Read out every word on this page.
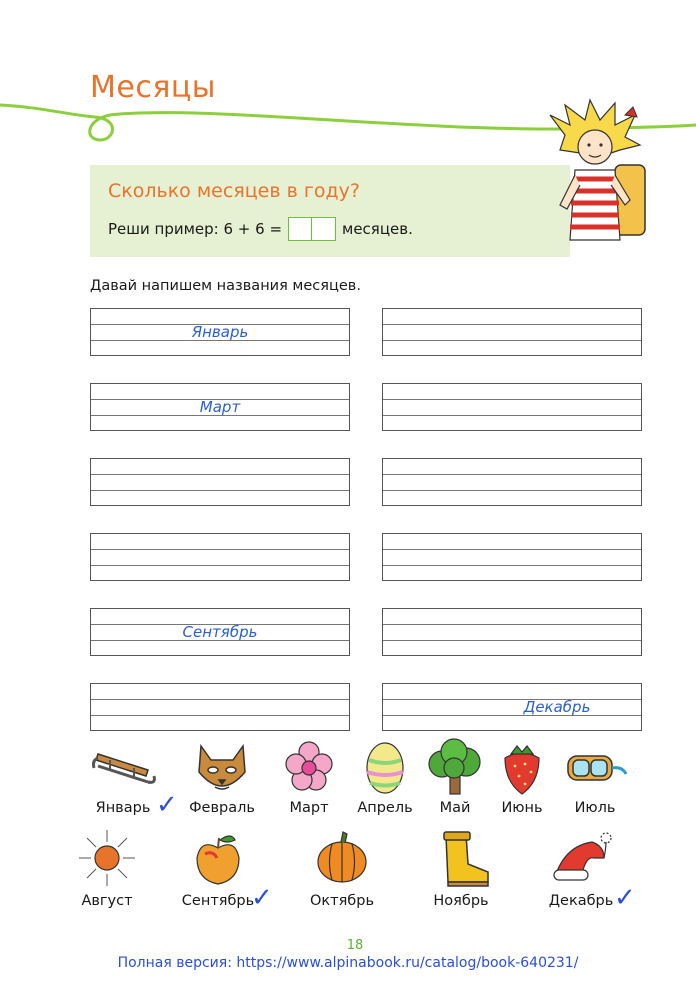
Месяцы
Сколько месяцев в году?
Реши пример: 6 + 6 =	месяцев.
Давай напишем названия месяцев.
Январь
Март
Сентябрь
Декабрь
Январь ✓ Февраль	Март	Апрель	Май	Июнь	Июль
Август	Сентябрь
✓	Октябрь	Ноябрь	Декабрь ✓
18
Полная версия: https://www.alpinabook.ru/catalog/book-640231/
